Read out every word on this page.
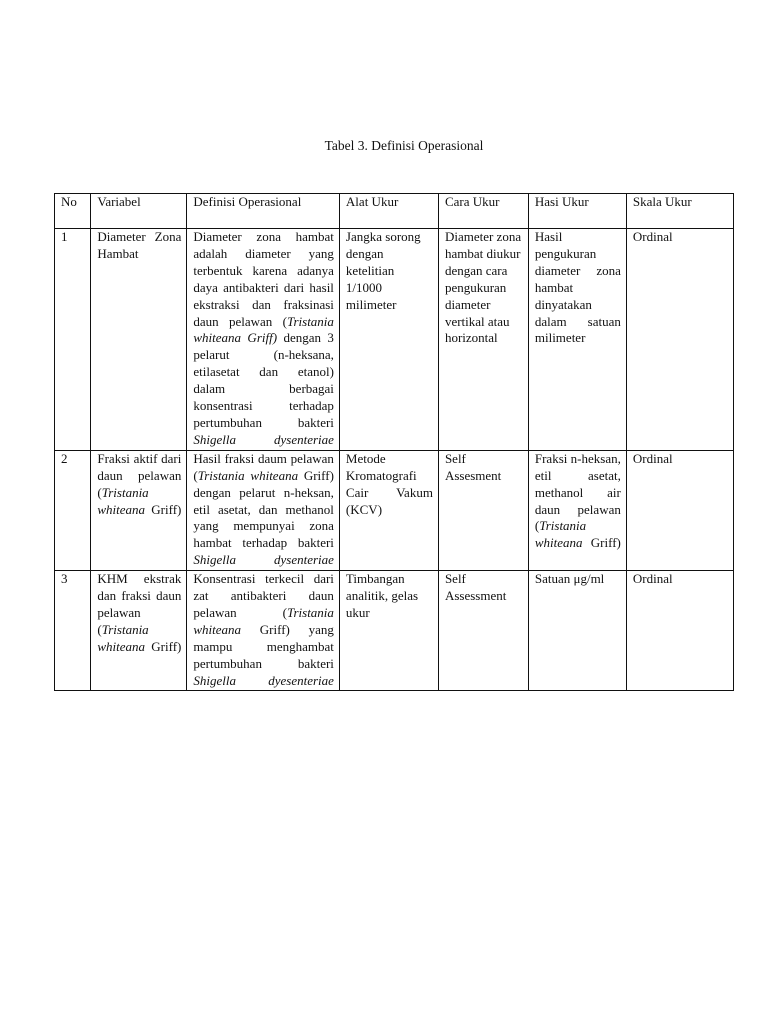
Tabel 3. Definisi Operasional
No	Variabel	Definisi Operasional	Alat Ukur	Cara Ukur	Hasi Ukur	Skala Ukur
1	Diameter Zona Hambat	Diameter zona hambat adalah diameter yang terbentuk karena adanya daya antibakteri dari hasil ekstraksi dan fraksinasi daun pelawan (Tristania whiteana Griff) dengan 3 pelarut (n-heksana, etilasetat dan etanol) dalam berbagai konsentrasi terhadap pertumbuhan bakteri Shigella dysenteriae	Jangka sorong dengan ketelitian 1/1000 milimeter	Diameter zona hambat diukur dengan cara pengukuran diameter vertikal atau horizontal	Hasil pengukuran diameter zona hambat dinyatakan dalam satuan milimeter	Ordinal
2	Fraksi aktif dari daun pelawan (Tristania whiteana Griff)	Hasil fraksi daum pelawan (Tristania whiteana Griff) dengan pelarut n-heksan, etil asetat, dan methanol yang mempunyai zona hambat terhadap bakteri Shigella dysenteriae	Metode Kromatografi Cair Vakum (KCV)	Self Assesment	Fraksi n-heksan, etil asetat, methanol air daun pelawan (Tristania whiteana Griff)	Ordinal
3	KHM ekstrak dan fraksi daun pelawan (Tristania whiteana Griff)	Konsentrasi terkecil dari zat antibakteri daun pelawan (Tristania whiteana Griff) yang mampu menghambat pertumbuhan bakteri Shigella dyesenteriae	Timbangan analitik, gelas ukur	Self Assessment	Satuan μg/ml	Ordinal
